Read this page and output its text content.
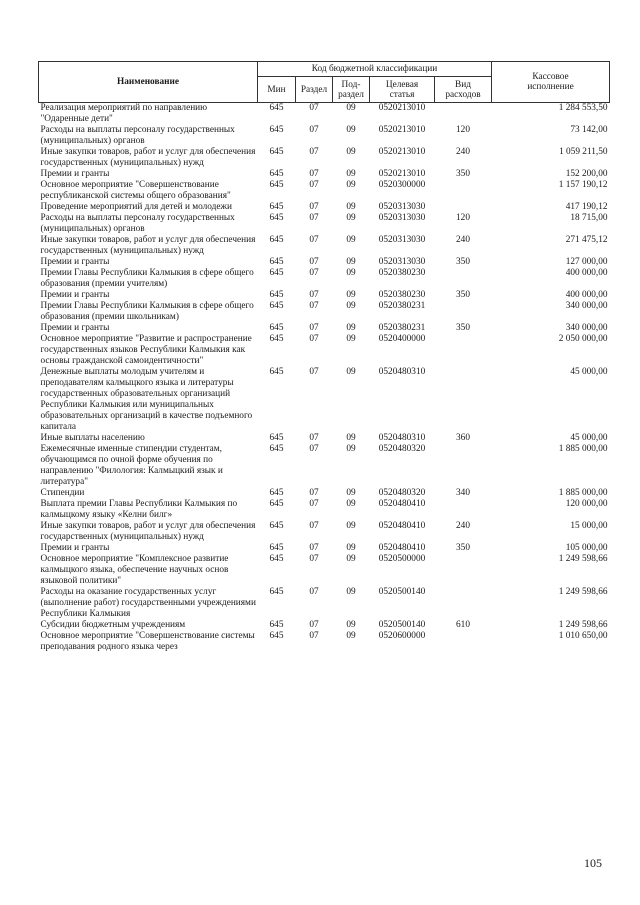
Наименование	Код бюджетной классификации					Кассовое
исполнение

	Мин	Раздел	Под-
раздел	Целевая
статья	Вид
расходов	

Реализация мероприятий по направлению "Одаренные дети"	645	07	09	0520213010		1 284 553,50
Расходы на выплаты персоналу государственных (муниципальных) органов	645	07	09	0520213010	120	73 142,00
Иные закупки товаров, работ и услуг для обеспечения государственных (муниципальных) нужд	645	07	09	0520213010	240	1 059 211,50
Премии и гранты	645	07	09	0520213010	350	152 200,00
Основное мероприятие "Совершенствование республиканской системы общего образования"	645	07	09	0520300000		1 157 190,12
Проведение мероприятий для детей и молодежи	645	07	09	0520313030		417 190,12
Расходы на выплаты персоналу государственных (муниципальных) органов	645	07	09	0520313030	120	18 715,00
Иные закупки товаров, работ и услуг для обеспечения государственных (муниципальных) нужд	645	07	09	0520313030	240	271 475,12
Премии и гранты	645	07	09	0520313030	350	127 000,00
Премии Главы Республики Калмыкия в сфере общего образования (премии учителям)	645	07	09	0520380230		400 000,00
Премии и гранты	645	07	09	0520380230	350	400 000,00
Премии Главы Республики Калмыкия в сфере общего образования (премии школьникам)	645	07	09	0520380231		340 000,00
Премии и гранты	645	07	09	0520380231	350	340 000,00
Основное мероприятие "Развитие и распространение государственных языков Республики Калмыкия как основы гражданской самоидентичности"	645	07	09	0520400000		2 050 000,00
Денежные выплаты молодым учителям и преподавателям калмыцкого языка и литературы государственных образовательных организаций Республики Калмыкия или муниципальных образовательных организаций в качестве подъемного капитала	645	07	09	0520480310		45 000,00
Иные выплаты населению	645	07	09	0520480310	360	45 000,00
Ежемесячные именные стипендии студентам, обучающимся по очной форме обучения по направлению "Филология: Калмыцкий язык и литература"	645	07	09	0520480320		1 885 000,00
Стипендии	645	07	09	0520480320	340	1 885 000,00
Выплата премии Главы Республики Калмыкия по калмыцкому языку «Келни билг»	645	07	09	0520480410		120 000,00
Иные закупки товаров, работ и услуг для обеспечения государственных (муниципальных) нужд	645	07	09	0520480410	240	15 000,00
Премии и гранты	645	07	09	0520480410	350	105 000,00
Основное мероприятие "Комплексное развитие калмыцкого языка, обеспечение научных основ языковой политики"	645	07	09	0520500000		1 249 598,66
Расходы на оказание государственных услуг (выполнение работ) государственными учреждениями Республики Калмыкия	645	07	09	0520500140		1 249 598,66
Субсидии бюджетным учреждениям	645	07	09	0520500140	610	1 249 598,66
Основное мероприятие "Совершенствование системы преподавания родного языка через	645	07	09	0520600000		1 010 650,00
105
